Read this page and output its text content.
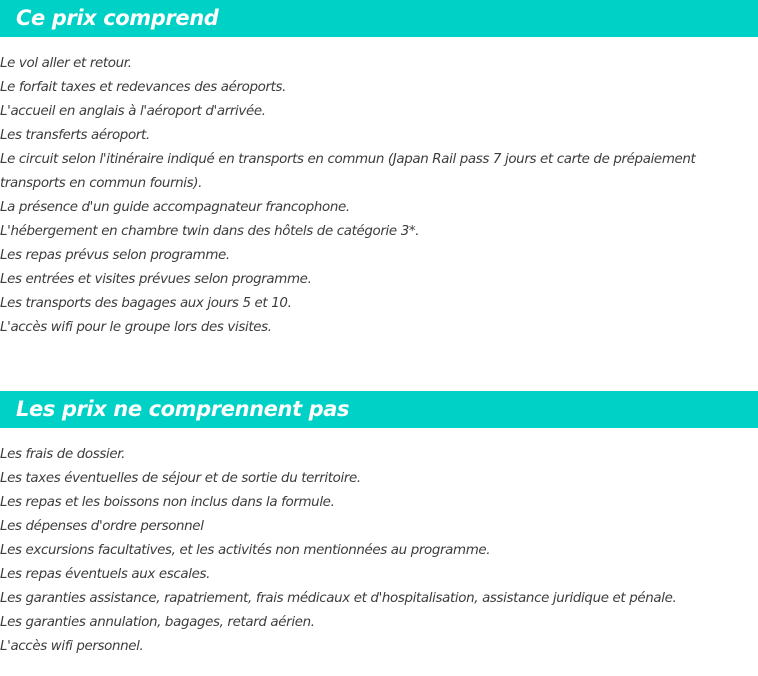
Ce prix comprend
Le vol aller et retour.
Le forfait taxes et redevances des aéroports.
L'accueil en anglais à l'aéroport d'arrivée.
Les transferts aéroport.
Le circuit selon l'itinéraire indiqué en transports en commun (Japan Rail pass 7 jours et carte de prépaiement transports en commun fournis).
La présence d'un guide accompagnateur francophone.
L'hébergement en chambre twin dans des hôtels de catégorie 3*.
Les repas prévus selon programme.
Les entrées et visites prévues selon programme.
Les transports des bagages aux jours 5 et 10.
L'accès wifi pour le groupe lors des visites.
Les prix ne comprennent pas
Les frais de dossier.
Les taxes éventuelles de séjour et de sortie du territoire.
Les repas et les boissons non inclus dans la formule.
Les dépenses d'ordre personnel
Les excursions facultatives, et les activités non mentionnées au programme.
Les repas éventuels aux escales.
Les garanties assistance, rapatriement, frais médicaux et d'hospitalisation, assistance juridique et pénale.
Les garanties annulation, bagages, retard aérien.
L'accès wifi personnel.
